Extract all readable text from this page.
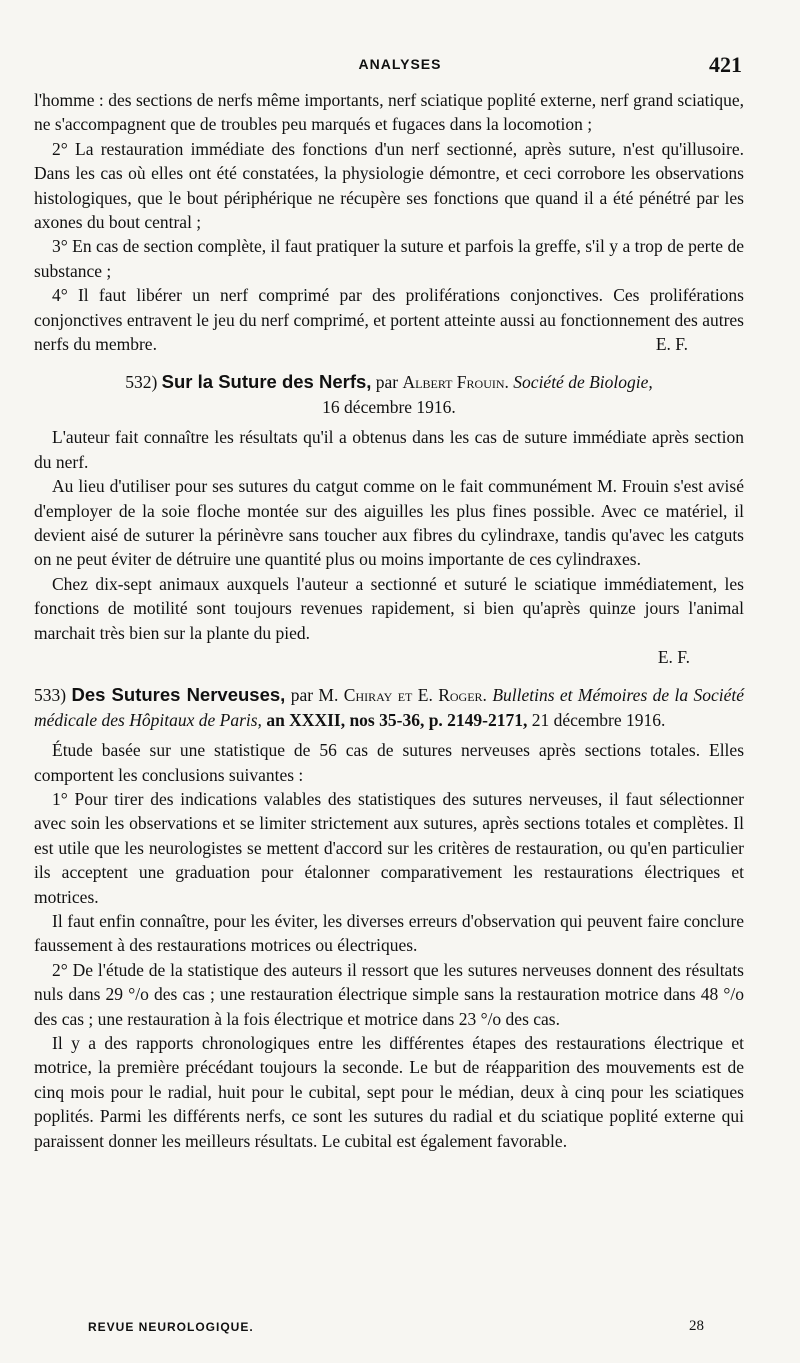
ANALYSES	421

l'homme : des sections de nerfs même importants, nerf sciatique poplité externe, nerf grand sciatique, ne s'accompagnent que de troubles peu marqués et fugaces dans la locomotion ;

2° La restauration immédiate des fonctions d'un nerf sectionné, après suture, n'est qu'illusoire. Dans les cas où elles ont été constatées, la physiologie démontre, et ceci corrobore les observations histologiques, que le bout périphérique ne récupère ses fonctions que quand il a été pénétré par les axones du bout central ;

3° En cas de section complète, il faut pratiquer la suture et parfois la greffe, s'il y a trop de perte de substance ;

4° Il faut libérer un nerf comprimé par des proliférations conjonctives. Ces proliférations conjonctives entravent le jeu du nerf comprimé, et portent atteinte aussi au fonctionnement des autres nerfs du membre.	E. F.

532) Sur la Suture des Nerfs, par Albert Frouin. Société de Biologie,
16 décembre 1916.

L'auteur fait connaître les résultats qu'il a obtenus dans les cas de suture immédiate après section du nerf.

Au lieu d'utiliser pour ses sutures du catgut comme on le fait communément M. Frouin s'est avisé d'employer de la soie floche montée sur des aiguilles les plus fines possible. Avec ce matériel, il devient aisé de suturer la périnèvre sans toucher aux fibres du cylindraxe, tandis qu'avec les catguts on ne peut éviter de détruire une quantité plus ou moins importante de ces cylindraxes.

Chez dix-sept animaux auxquels l'auteur a sectionné et suturé le sciatique immédiatement, les fonctions de motilité sont toujours revenues rapidement, si bien qu'après quinze jours l'animal marchait très bien sur la plante du pied.

E. F.

533) Des Sutures Nerveuses, par M. Chiray et E. Roger. Bulletins et Mémoires de la Société médicale des Hôpitaux de Paris, an XXXII, nos 35-36, p. 2149-2171, 21 décembre 1916.

Étude basée sur une statistique de 56 cas de sutures nerveuses après sections totales. Elles comportent les conclusions suivantes :

1° Pour tirer des indications valables des statistiques des sutures nerveuses, il faut sélectionner avec soin les observations et se limiter strictement aux sutures, après sections totales et complètes. Il est utile que les neurologistes se mettent d'accord sur les critères de restauration, ou qu'en particulier ils acceptent une graduation pour étalonner comparativement les restaurations électriques et motrices.

Il faut enfin connaître, pour les éviter, les diverses erreurs d'observation qui peuvent faire conclure faussement à des restaurations motrices ou électriques.

2° De l'étude de la statistique des auteurs il ressort que les sutures nerveuses donnent des résultats nuls dans 29 °/o des cas ; une restauration électrique simple sans la restauration motrice dans 48 °/o des cas ; une restauration à la fois électrique et motrice dans 23 °/o des cas.

Il y a des rapports chronologiques entre les différentes étapes des restaurations électrique et motrice, la première précédant toujours la seconde. Le but de réapparition des mouvements est de cinq mois pour le radial, huit pour le cubital, sept pour le médian, deux à cinq pour les sciatiques poplités. Parmi les différents nerfs, ce sont les sutures du radial et du sciatique poplité externe qui paraissent donner les meilleurs résultats. Le cubital est également favorable.

REVUE NEUROLOGIQUE.	28
